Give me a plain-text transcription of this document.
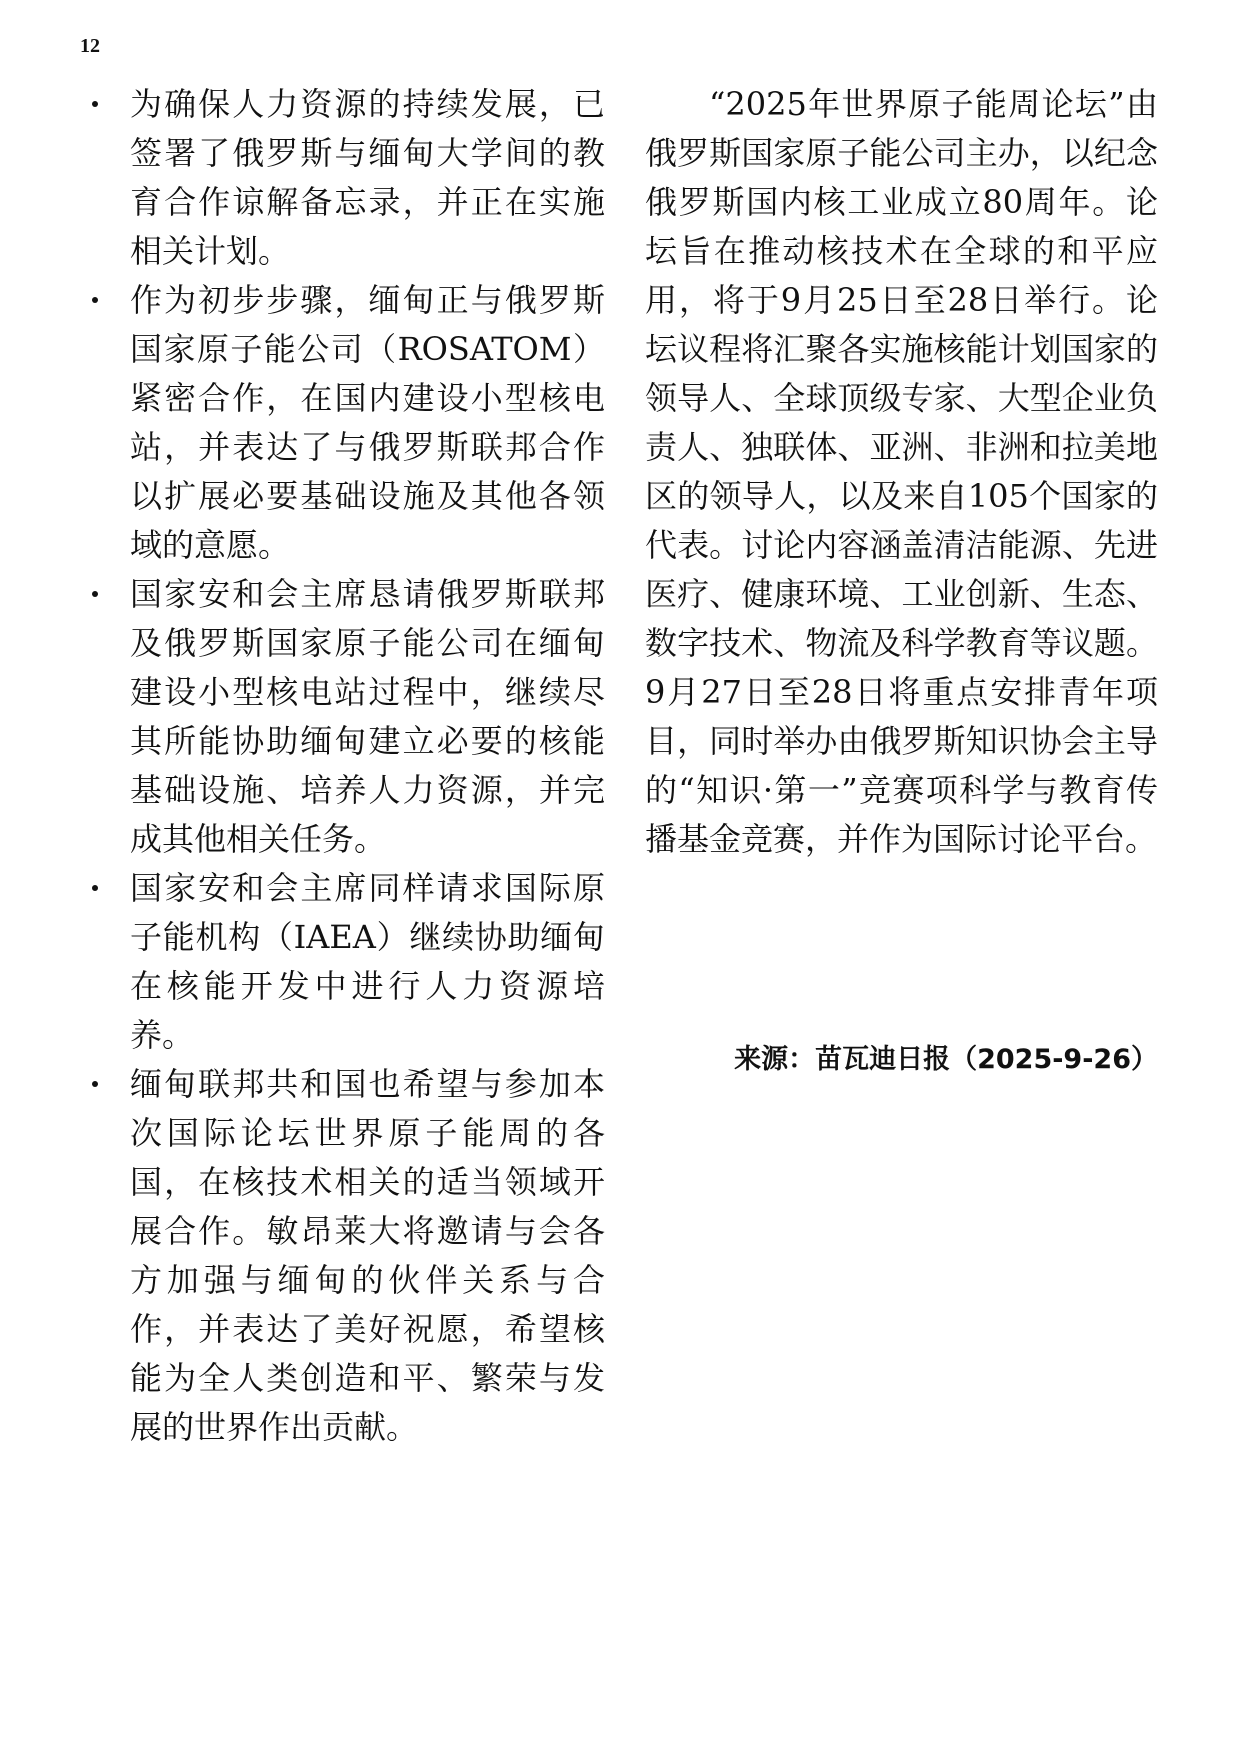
12
为确保人力资源的持续发展，已签署了俄罗斯与缅甸大学间的教育合作谅解备忘录，并正在实施相关计划。
作为初步步骤，缅甸正与俄罗斯国家原子能公司（ROSATOM）紧密合作，在国内建设小型核电站，并表达了与俄罗斯联邦合作以扩展必要基础设施及其他各领域的意愿。
国家安和会主席恳请俄罗斯联邦及俄罗斯国家原子能公司在缅甸建设小型核电站过程中，继续尽其所能协助缅甸建立必要的核能基础设施、培养人力资源，并完成其他相关任务。
国家安和会主席同样请求国际原子能机构（IAEA）继续协助缅甸在核能开发中进行人力资源培养。
缅甸联邦共和国也希望与参加本次国际论坛世界原子能周的各国，在核技术相关的适当领域开展合作。敏昂莱大将邀请与会各方加强与缅甸的伙伴关系与合作，并表达了美好祝愿，希望核能为全人类创造和平、繁荣与发展的世界作出贡献。

“2025年世界原子能周论坛”由俄罗斯国家原子能公司主办，以纪念俄罗斯国内核工业成立80周年。论坛旨在推动核技术在全球的和平应用，将于9月25日至28日举行。论坛议程将汇聚各实施核能计划国家的领导人、全球顶级专家、大型企业负责人、独联体、亚洲、非洲和拉美地区的领导人，以及来自105个国家的代表。讨论内容涵盖清洁能源、先进医疗、健康环境、工业创新、生态、数字技术、物流及科学教育等议题。9月27日至28日将重点安排青年项目，同时举办由俄罗斯知识协会主导的“知识·第一”竞赛项科学与教育传播基金竞赛，并作为国际讨论平台。

来源：苗瓦迪日报（2025-9-26）
